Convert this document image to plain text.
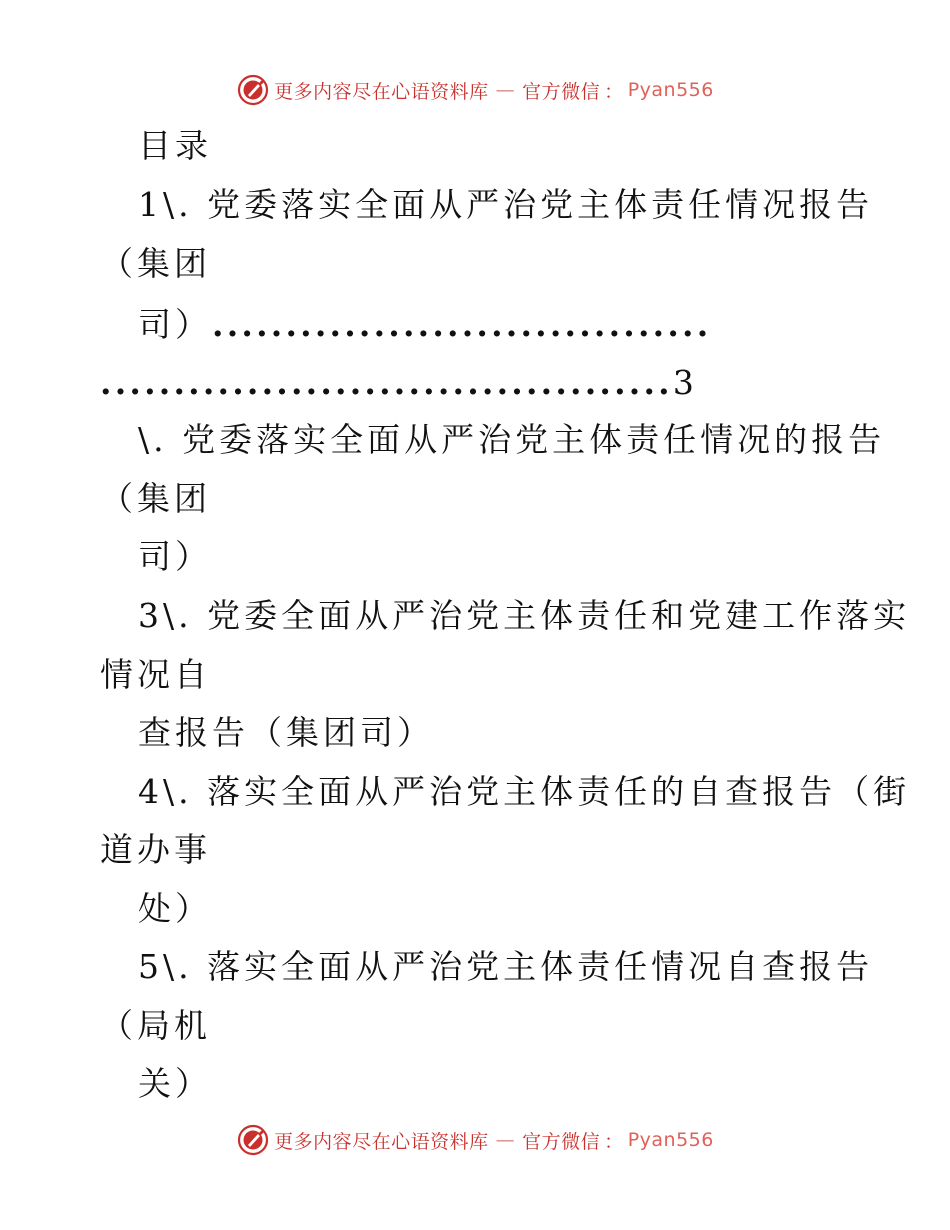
更多内容尽在心语资料库 — 官方微信 ： Pyan556
目录
1\. 党委落实全面从严治党主体责任情况报告
（集团
司）..................................
.......................................3
\. 党委落实全面从严治党主体责任情况的报告
（集团
司）
3\. 党委全面从严治党主体责任和党建工作落实
情况自
查报告（集团司）
4\. 落实全面从严治党主体责任的自查报告（街
道办事
处）
5\. 落实全面从严治党主体责任情况自查报告
（局机
关）
更多内容尽在心语资料库 — 官方微信 ： Pyan556
